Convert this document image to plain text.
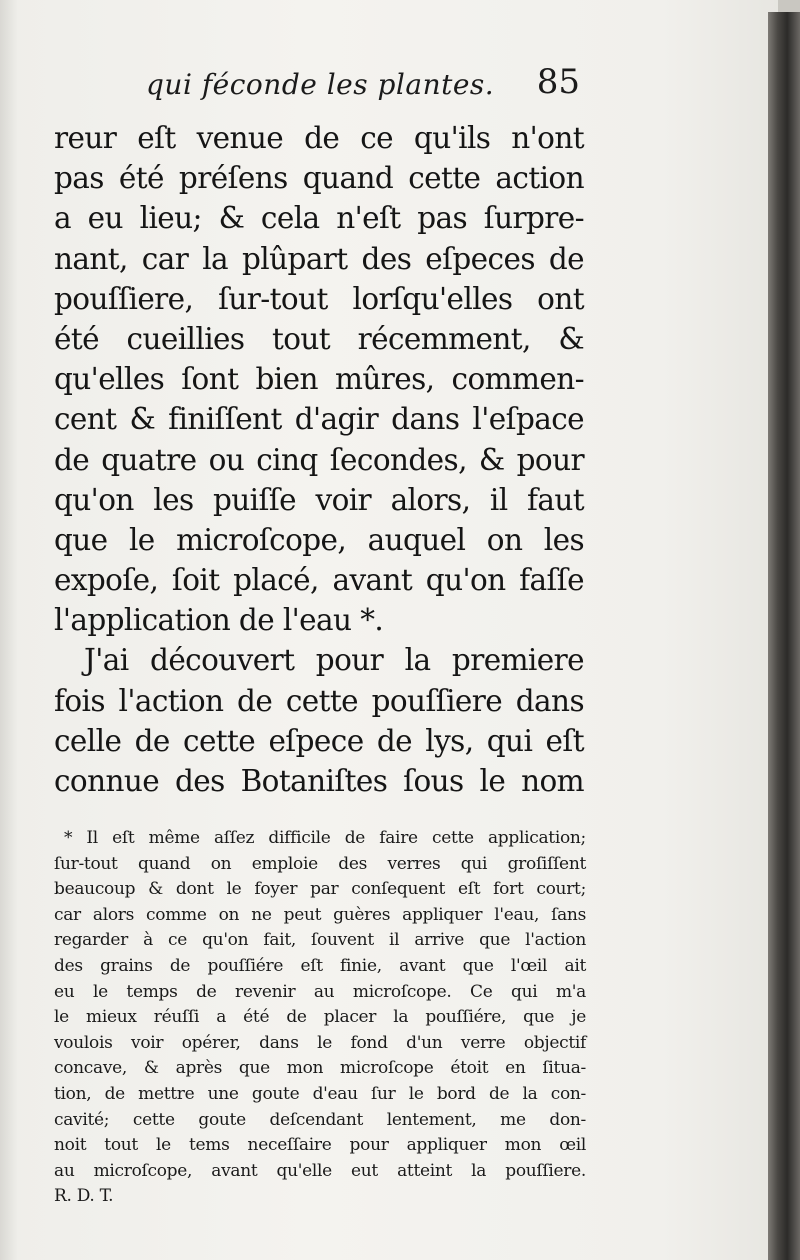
qui féconde les plantes. 85
reur eſt venue de ce qu'ils n'ont
pas été préſens quand cette action
a eu lieu; & cela n'eſt pas ſurpre-
nant, car la plûpart des eſpeces de
pouſſiere, ſur-tout lorſqu'elles ont
été cueillies tout récemment, &
qu'elles ſont bien mûres, commen-
cent & finiſſent d'agir dans l'eſpace
de quatre ou cinq ſecondes, & pour
qu'on les puiſſe voir alors, il faut
que le microſcope, auquel on les
expoſe, ſoit placé, avant qu'on faſſe
l'application de l'eau *.
J'ai découvert pour la premiere
fois l'action de cette pouſſiere dans
celle de cette eſpece de lys, qui eſt
connue des Botaniſtes ſous le nom
* Il eſt même aſſez difficile de faire cette application;
ſur-tout quand on emploie des verres qui groſiſſent
beaucoup & dont le foyer par conſequent eſt fort court;
car alors comme on ne peut guères appliquer l'eau, ſans
regarder à ce qu'on fait, ſouvent il arrive que l'action
des grains de pouſſiére eſt finie, avant que l'œil ait
eu le temps de revenir au microſcope. Ce qui m'a
le mieux réuſſi a été de placer la pouſſiére, que je
voulois voir opérer, dans le fond d'un verre objectif
concave, & après que mon microſcope étoit en ſitua-
tion, de mettre une goute d'eau ſur le bord de la con-
cavité; cette goute deſcendant lentement, me don-
noit tout le tems neceſſaire pour appliquer mon œil
au microſcope, avant qu'elle eut atteint la pouſſiere.
R. D. T.
